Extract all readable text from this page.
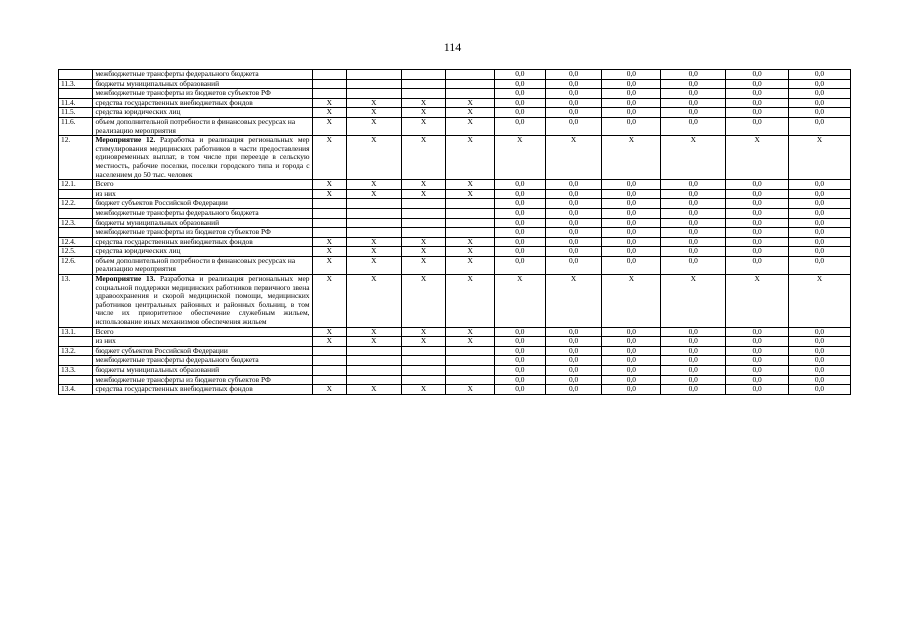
114
	межбюджетные трансферты федерального бюджета					0,0	0,0	0,0	0,0	0,0	0,0
11.3.	бюджеты муниципальных образований					0,0	0,0	0,0	0,0	0,0	0,0
	межбюджетные трансферты из бюджетов субъектов РФ					0,0	0,0	0,0	0,0	0,0	0,0
11.4.	средства государственных внебюджетных фондов	X	X	X	X	0,0	0,0	0,0	0,0	0,0	0,0
11.5.	средства юридических лиц	X	X	X	X	0,0	0,0	0,0	0,0	0,0	0,0
11.6.	объем дополнительной потребности в финансовых ресурсах на реализацию мероприятия	X	X	X	X	0,0	0,0	0,0	0,0	0,0	0,0
12.	Мероприятие 12. Разработка и реализация региональных мер стимулирования медицинских работников в части предоставления единовременных выплат, в том числе при переезде в сельскую местность, рабочие поселки, поселки городского типа и города с населением до 50 тыс. человек	X	X	X	X	X	X	X	X	X	X
12.1.	Всего	X	X	X	X	0,0	0,0	0,0	0,0	0,0	0,0
	из них	X	X	X	X	0,0	0,0	0,0	0,0	0,0	0,0
12.2.	бюджет субъектов Российской Федерации					0,0	0,0	0,0	0,0	0,0	0,0
	межбюджетные трансферты федерального бюджета					0,0	0,0	0,0	0,0	0,0	0,0
12.3.	бюджеты муниципальных образований					0,0	0,0	0,0	0,0	0,0	0,0
	межбюджетные трансферты из бюджетов субъектов РФ					0,0	0,0	0,0	0,0	0,0	0,0
12.4.	средства государственных внебюджетных фондов	X	X	X	X	0,0	0,0	0,0	0,0	0,0	0,0
12.5.	средства юридических лиц	X	X	X	X	0,0	0,0	0,0	0,0	0,0	0,0
12.6.	объем дополнительной потребности в финансовых ресурсах на реализацию мероприятия	X	X	X	X	0,0	0,0	0,0	0,0	0,0	0,0
13.	Мероприятие 13. Разработка и реализация региональных мер социальной поддержки медицинских работников первичного звена здравоохранения и скорой медицинской помощи, медицинских работников центральных районных и районных больниц, в том числе их приоритетное обеспечение служебным жильем, использование иных механизмов обеспечения жильем	X	X	X	X	X	X	X	X	X	X
13.1.	Всего	X	X	X	X	0,0	0,0	0,0	0,0	0,0	0,0
	из них	X	X	X	X	0,0	0,0	0,0	0,0	0,0	0,0
13.2.	бюджет субъектов Российской Федерации					0,0	0,0	0,0	0,0	0,0	0,0
	межбюджетные трансферты федерального бюджета					0,0	0,0	0,0	0,0	0,0	0,0
13.3.	бюджеты муниципальных образований					0,0	0,0	0,0	0,0	0,0	0,0
	межбюджетные трансферты из бюджетов субъектов РФ					0,0	0,0	0,0	0,0	0,0	0,0
13.4.	средства государственных внебюджетных фондов	X	X	X	X	0,0	0,0	0,0	0,0	0,0	0,0
